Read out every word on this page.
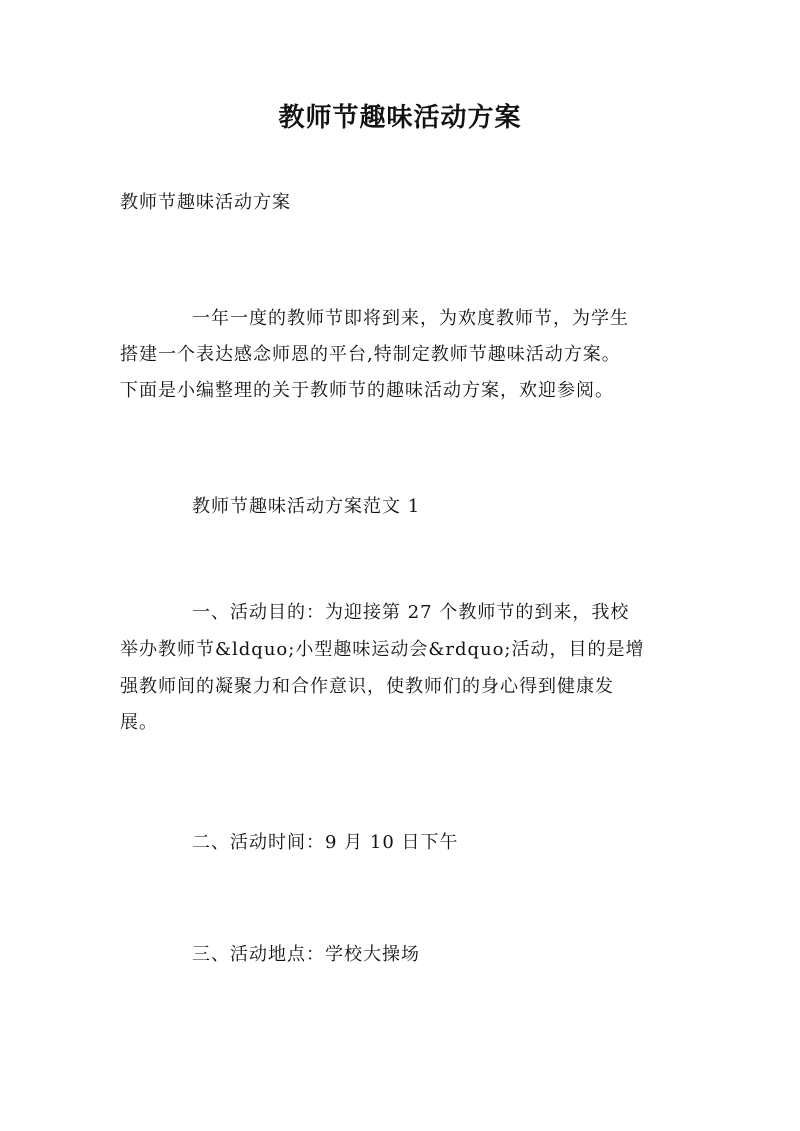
教师节趣味活动方案
教师节趣味活动方案
一年一度的教师节即将到来，为欢度教师节，为学生
搭建一个表达感念师恩的平台,特制定教师节趣味活动方案。
下面是小编整理的关于教师节的趣味活动方案，欢迎参阅。
教师节趣味活动方案范文 1
一、活动目的：为迎接第 27 个教师节的到来，我校
举办教师节&ldquo;小型趣味运动会&rdquo;活动，目的是增
强教师间的凝聚力和合作意识，使教师们的身心得到健康发
展。
二、活动时间：9 月 10 日下午
三、活动地点：学校大操场
